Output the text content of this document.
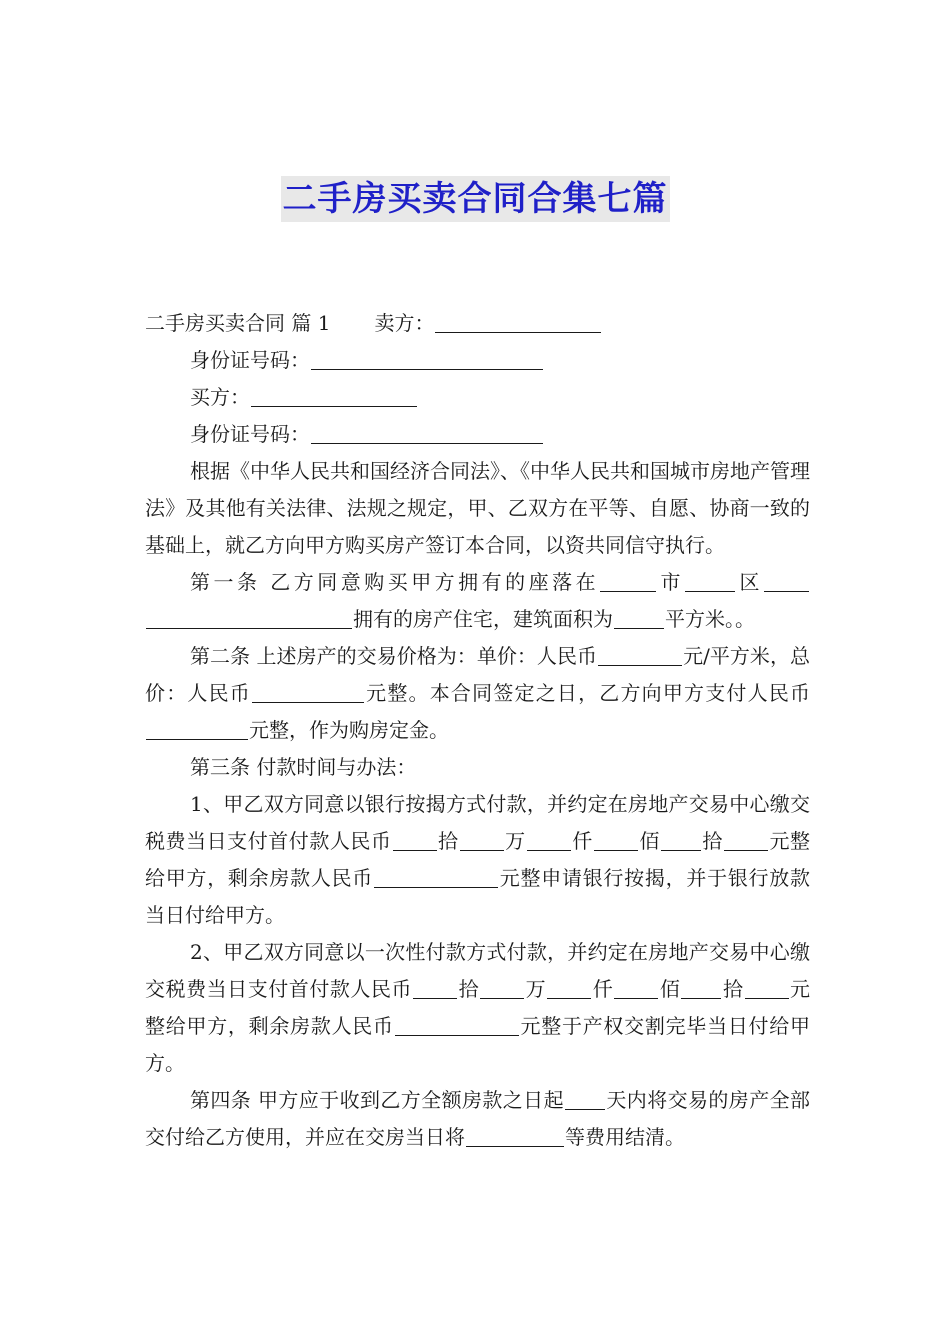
二手房买卖合同合集七篇

二手房买卖合同 篇 1 卖方：

身份证号码：

买方：

身份证号码：

根据《中华人民共和国经济合同法》、《中华人民共和国城市房地产管理法》及其他有关法律、法规之规定，甲、乙双方在平等、自愿、协商一致的基础上，就乙方向甲方购买房产签订本合同，以资共同信守执行。

第一条 乙方同意购买甲方拥有的座落在	市	区拥有的房产住宅，建筑面积为	平方米。。

第二条 上述房产的交易价格为：单价：人民币	元/平方米，总价：人民币	元整。本合同签定之日，乙方向甲方支付人民币元整，作为购房定金。

第三条 付款时间与办法：

1、甲乙双方同意以银行按揭方式付款，并约定在房地产交易中心缴交税费当日支付首付款人民币 拾 万 仟 佰 拾 元整给甲方，剩余房款人民币	元整申请银行按揭，并于银行放款当日付给甲方。

2、甲乙双方同意以一次性付款方式付款，并约定在房地产交易中心缴交税费当日支付首付款人民币 拾 万 仟 佰 拾 元整给甲方，剩余房款人民币	元整于产权交割完毕当日付给甲方。

第四条 甲方应于收到乙方全额房款之日起 天内将交易的房产全部交付给乙方使用，并应在交房当日将	等费用结清。
